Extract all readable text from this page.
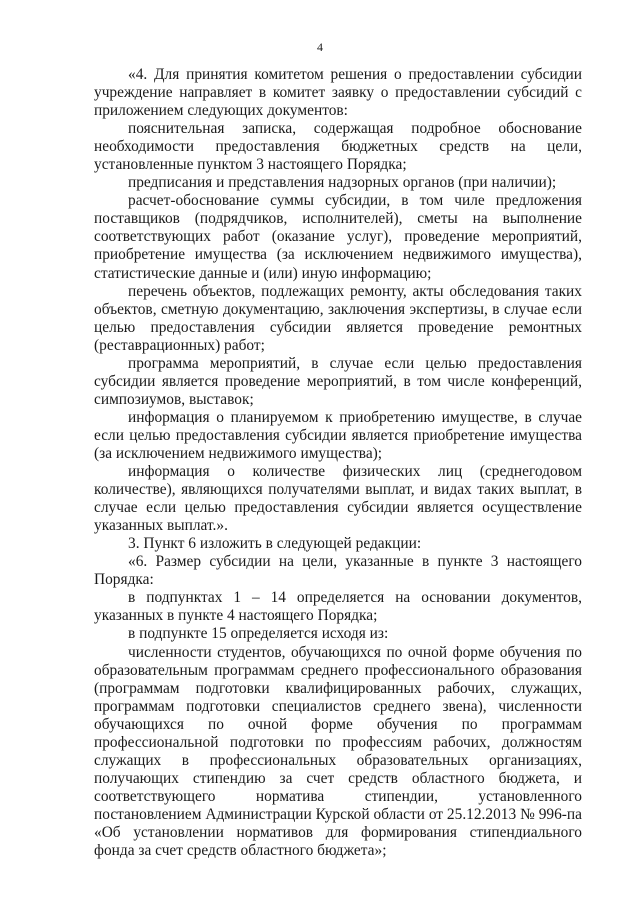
4

«4. Для принятия комитетом решения о предоставлении субсидии учреждение направляет в комитет заявку о предоставлении субсидий с приложением следующих документов:

пояснительная записка, содержащая подробное обоснование необходимости предоставления бюджетных средств на цели, установленные пунктом 3 настоящего Порядка;

предписания и представления надзорных органов (при наличии);

расчет-обоснование суммы субсидии, в том чиле предложения поставщиков (подрядчиков, исполнителей), сметы на выполнение соответствующих работ (оказание услуг), проведение мероприятий, приобретение имущества (за исключением недвижимого имущества), статистические данные и (или) иную информацию;

перечень объектов, подлежащих ремонту, акты обследования таких объектов, сметную документацию, заключения экспертизы, в случае если целью предоставления субсидии является проведение ремонтных (реставрационных) работ;

программа мероприятий, в случае если целью предоставления субсидии является проведение мероприятий, в том числе конференций, симпозиумов, выставок;

информация о планируемом к приобретению имуществе, в случае если целью предоставления субсидии является приобретение имущества (за исключением недвижимого имущества);

информация о количестве физических лиц (среднегодовом количестве), являющихся получателями выплат, и видах таких выплат, в случае если целью предоставления субсидии является осуществление указанных выплат.».

3. Пункт 6 изложить в следующей редакции:

«6. Размер субсидии на цели, указанные в пункте 3 настоящего Порядка:

в подпунктах 1 – 14 определяется на основании документов, указанных в пункте 4 настоящего Порядка;

в подпункте 15 определяется исходя из:

численности студентов, обучающихся по очной форме обучения по образовательным программам среднего профессионального образования (программам подготовки квалифицированных рабочих, служащих, программам подготовки специалистов среднего звена), численности обучающихся по очной форме обучения по программам профессиональной подготовки по профессиям рабочих, должностям служащих в профессиональных образовательных организациях, получающих стипендию за счет средств областного бюджета, и соответствующего норматива стипендии, установленного постановлением Администрации Курской области от 25.12.2013 № 996-па «Об установлении нормативов для формирования стипендиального фонда за счет средств областного бюджета»;
